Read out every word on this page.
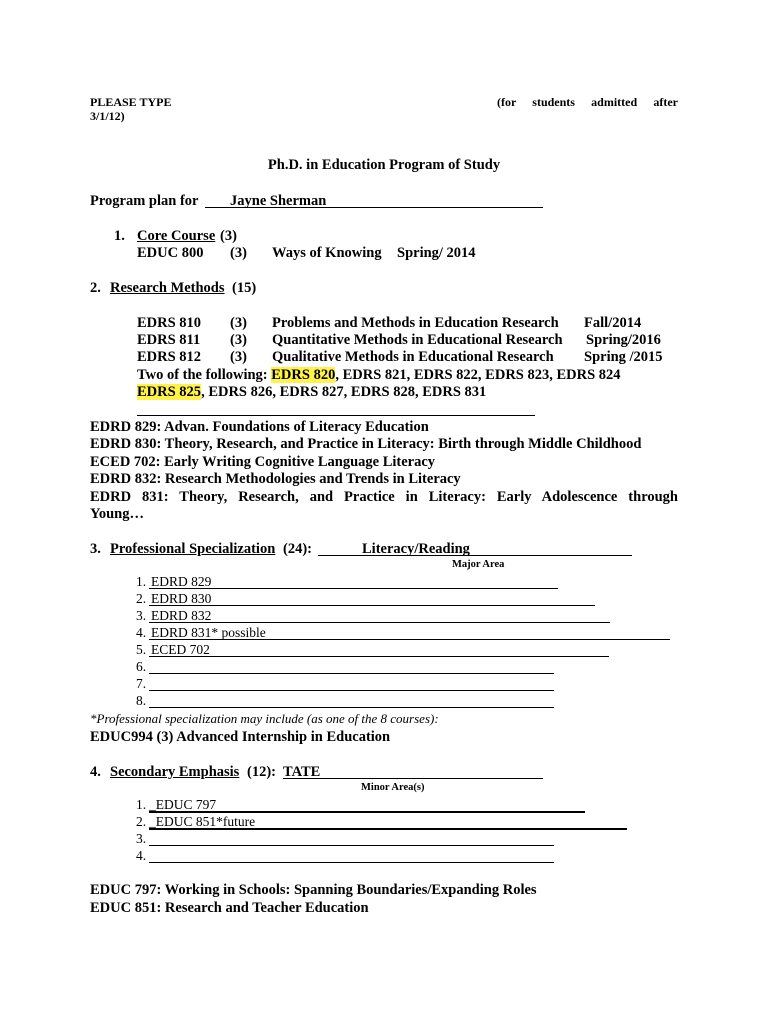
PLEASE TYPE	(for students admitted after
3/1/12)
Ph.D. in Education Program of Study
Program plan for Jayne Sherman
1. Core Course (3)
EDUC 800 (3) Ways of Knowing Spring/ 2014
2. Research Methods (15)
EDRS 810 (3) Problems and Methods in Education Research Fall/2014
EDRS 811 (3) Quantitative Methods in Educational Research Spring/2016
EDRS 812 (3) Qualitative Methods in Educational Research Spring /2015
Two of the following: EDRS 820, EDRS 821, EDRS 822, EDRS 823, EDRS 824
EDRS 825, EDRS 826, EDRS 827, EDRS 828, EDRS 831
EDRD 829: Advan. Foundations of Literacy Education
EDRD 830: Theory, Research, and Practice in Literacy: Birth through Middle Childhood
ECED 702: Early Writing Cognitive Language Literacy
EDRD 832: Research Methodologies and Trends in Literacy
EDRD 831: Theory, Research, and Practice in Literacy: Early Adolescence through
Young…
3. Professional Specialization (24):	Literacy/Reading
Major Area
1. EDRD 829
2. EDRD 830
3. EDRD 832
4. EDRD 831* possible
5. ECED 702
6.
7.
8.
*Professional specialization may include (as one of the 8 courses):
EDUC994 (3) Advanced Internship in Education
4. Secondary Emphasis (12): TATE
Minor Area(s)
1. _EDUC 797
2. _EDUC 851*future
3.
4.
EDUC 797: Working in Schools: Spanning Boundaries/Expanding Roles
EDUC 851: Research and Teacher Education
